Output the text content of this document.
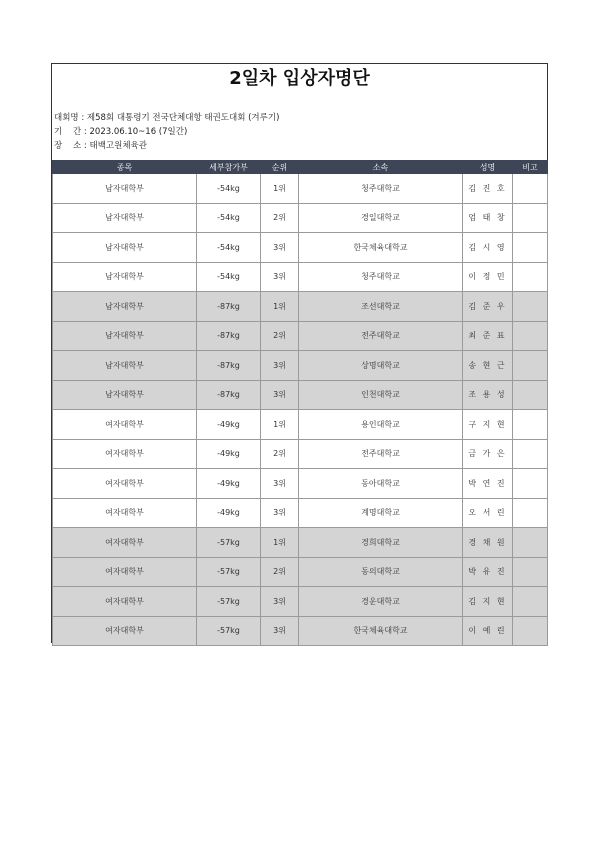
2일차 입상자명단
대회명 : 제58회 대통령기 전국단체대항 태권도대회 (겨루기)
기    간 : 2023.06.10~16 (7일간)
장    소 : 태백고원체육관
종목	세부참가부	순위	소속	성명	비고
남자대학부	-54kg	1위	청주대학교	김 진 호	
남자대학부	-54kg	2위	경일대학교	엄 태 창	
남자대학부	-54kg	3위	한국체육대학교	김 시 영	
남자대학부	-54kg	3위	청주대학교	이 정 민	
남자대학부	-87kg	1위	조선대학교	김 준 우	
남자대학부	-87kg	2위	전주대학교	최 준 표	
남자대학부	-87kg	3위	상명대학교	송 현 근	
남자대학부	-87kg	3위	인천대학교	조 용 성	
여자대학부	-49kg	1위	용인대학교	구 지 현	
여자대학부	-49kg	2위	전주대학교	금 가 은	
여자대학부	-49kg	3위	동아대학교	박 연 진	
여자대학부	-49kg	3위	계명대학교	오 서 린	
여자대학부	-57kg	1위	경희대학교	경 채 원	
여자대학부	-57kg	2위	동의대학교	박 유 진	
여자대학부	-57kg	3위	경운대학교	김 지 현	
여자대학부	-57kg	3위	한국체육대학교	이 예 린	
